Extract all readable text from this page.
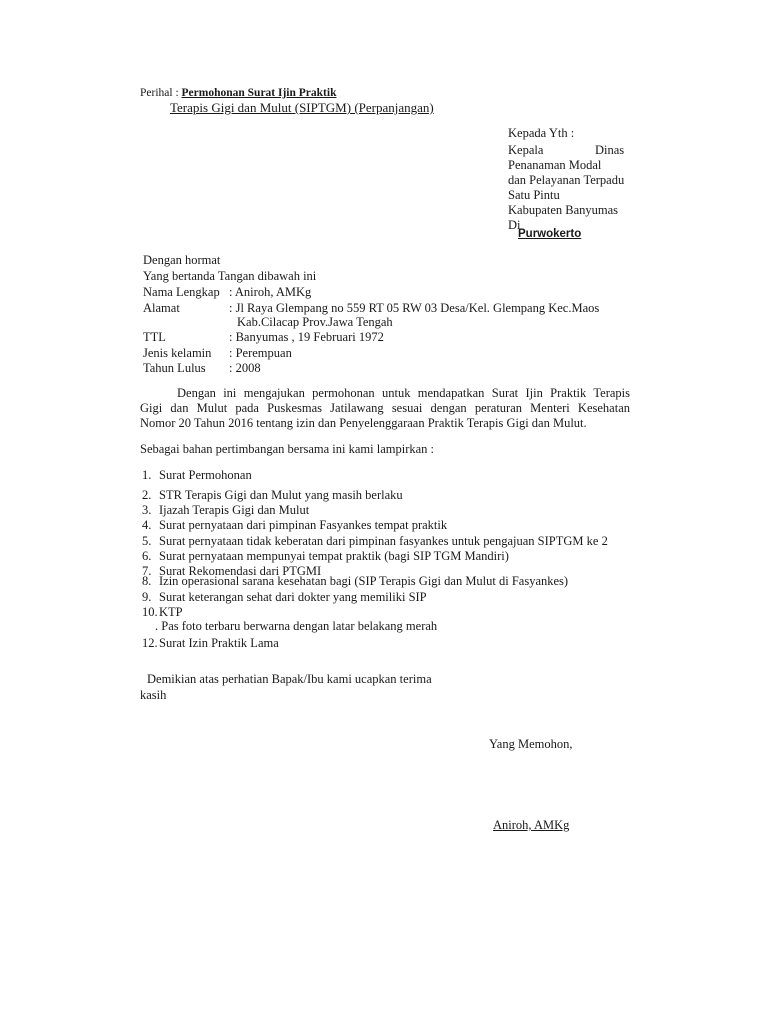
Perihal : Permohonan Surat Ijin Praktik
Terapis Gigi dan Mulut (SIPTGM) (Perpanjangan)
Kepada Yth :
Kepala	Dinas
Penanaman Modal
dan Pelayanan Terpadu
Satu Pintu
Kabupaten Banyumas
Di
Purwokerto
Dengan hormat
Yang bertanda Tangan dibawah ini
Nama Lengkap : Aniroh, AMKg
Alamat	: Jl Raya Glempang no 559 RT 05 RW 03 Desa/Kel. Glempang Kec.Maos
Kab.Cilacap Prov.Jawa Tengah
TTL	: Banyumas , 19 Februari 1972
Jenis kelamin : Perempuan
Tahun Lulus : 2008
Dengan ini mengajukan permohonan untuk mendapatkan Surat Ijin Praktik Terapis
Gigi dan Mulut pada Puskesmas Jatilawang sesuai dengan peraturan Menteri Kesehatan
Nomor 20 Tahun 2016 tentang izin dan Penyelenggaraan Praktik Terapis Gigi dan Mulut.
Sebagai bahan pertimbangan bersama ini kami lampirkan :
1. Surat Permohonan
2. STR Terapis Gigi dan Mulut yang masih berlaku
3. Ijazah Terapis Gigi dan Mulut
4. Surat pernyataan dari pimpinan Fasyankes tempat praktik
5. Surat pernyataan tidak keberatan dari pimpinan fasyankes untuk pengajuan SIPTGM ke 2
6. Surat pernyataan mempunyai tempat praktik (bagi SIP TGM Mandiri)
7. Surat Rekomendasi dari PTGMI
8. Izin operasional sarana kesehatan bagi (SIP Terapis Gigi dan Mulut di Fasyankes)
9. Surat keterangan sehat dari dokter yang memiliki SIP
10. KTP
. Pas foto terbaru berwarna dengan latar belakang merah
12. Surat Izin Praktik Lama
Demikian atas perhatian Bapak/Ibu kami ucapkan terima
kasih
Yang Memohon,
Aniroh, AMKg
